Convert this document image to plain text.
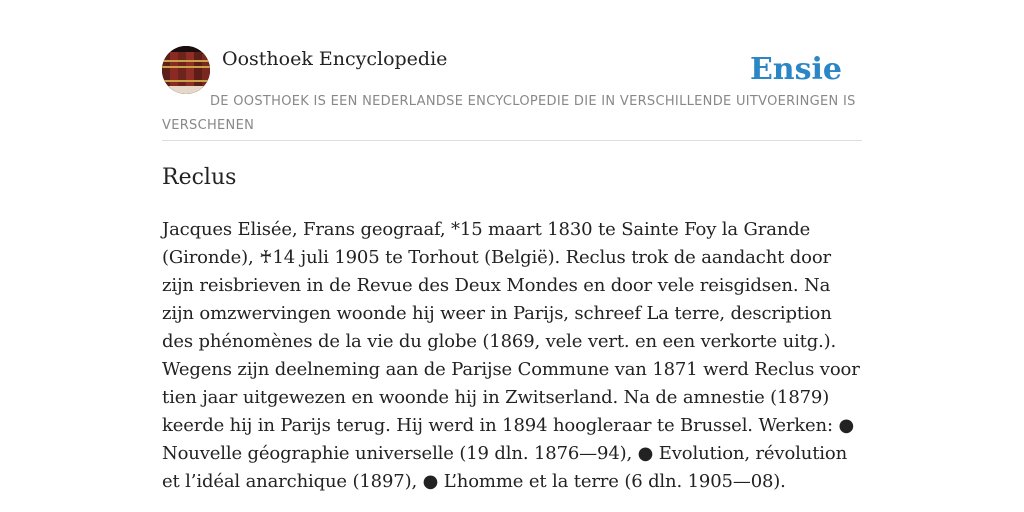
Oosthoek Encyclopedie	Ensie

DE OOSTHOEK IS EEN NEDERLANDSE ENCYCLOPEDIE DIE IN VERSCHILLENDE UITVOERINGEN IS VERSCHENEN

Reclus

Jacques Elisée, Frans geograaf, *15 maart 1830 te Sainte Foy la Grande (Gironde), ♰14 juli 1905 te Torhout (België). Reclus trok de aandacht door zijn reisbrieven in de Revue des Deux Mondes en door vele reisgidsen. Na zijn omzwervingen woonde hij weer in Parijs, schreef La terre, description des phénomènes de la vie du globe (1869, vele vert. en een verkorte uitg.). Wegens zijn deelneming aan de Parijse Commune van 1871 werd Reclus voor tien jaar uitgewezen en woonde hij in Zwitserland. Na de amnestie (1879) keerde hij in Parijs terug. Hij werd in 1894 hoogleraar te Brussel. Werken: ● Nouvelle géographie universelle (19 dln. 1876—94), ● Evolution, révolution et l’idéal anarchique (1897), ● L’homme et la terre (6 dln. 1905—08).
